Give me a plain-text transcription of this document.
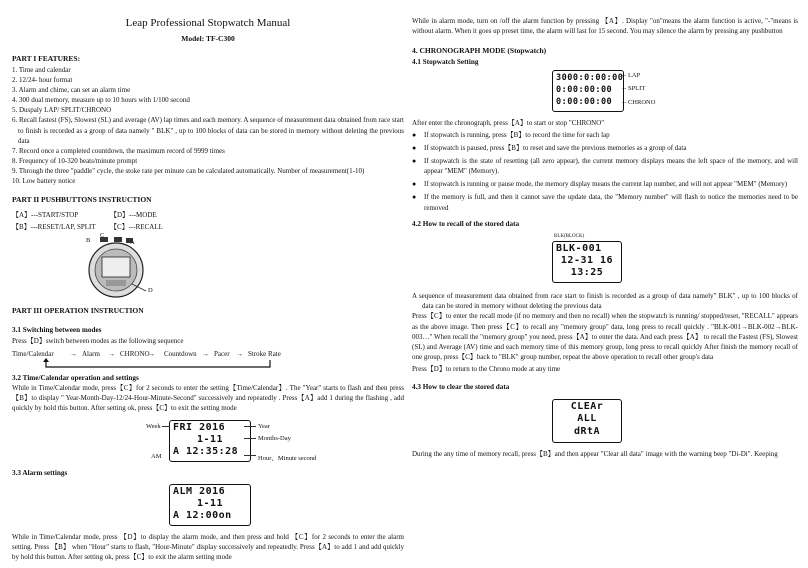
Leap Professional Stopwatch Manual
Model: TF-C300
PART I FEATURES:

1. Time and calendar

2. 12/24- hour format

3. Alarm and chime, can set an alarm time

4. 300 dual memory, measure up to 10 hours with 1/100 second

5. Duspaly LAP/ SPLIT/CHRONO

6. Recall fastest (FS), Slowest (SL) and average (AV) lap times and each memory. A sequence of measurement data obtained from race start to finish is recorded as a group of data namely " BLK" , up to 100 blocks of data can be stored in memory without deleting the previous data

7. Record once a completed countdown, the maximum record of 9999 times

8. Frequency of 10-320 beats/minute prompt

9. Through the three "paddle" cycle, the stoke rate per minute can be calculated automatically. Number of measurement(1-10)

10. Low battery notice

PART II PUSHBUTTONS INSTRUCTION
【A】---START/STOP	【D】---MODE
【B】---RESET/LAP, SPLIT 【C】---RECALL
B
C
A
D
PART III OPERATION INSTRUCTION
3.1 Switching between modes

Press【D】switch between modes as the following sequence

Time/Calendar → Alarm → CHRONO
→ Countdown → Pacer → Stroke Rate
3.2 Time/Calendar operation and settings

While in Time/Calendar mode, press【C】for 2 seconds to enter the setting【Time/Calendar】. The "Year" starts to flash and then press【B】to display " Year-Month-Day-12/24-Hour-Minute-Second" successively and repeatedly . Press【A】add 1 during the flashing , add quickly by hold this button. After setting ok, press【C】to exit the setting mode

FRI 2016
1-11
A 12:35:28
Week
AM
Year
Months-Day
Hour、Minute second
3.3 Alarm settings
ALM 2016
1-11
A 12:00on

While in Time/Calendar mode, press 【D】to display the alarm mode, and then press and hold 【C】for 2 seconds to enter the alarm setting. Press 【B】 when "Hour" starts to flash, "Hour-Minute" display successively and repeatedly. Press【A】to add 1 and add quickly by hold this button. After setting ok, press【C】to exit the alarm setting mode

While in alarm mode, turn on /off the alarm function by pressing 【A】. Display "on"means the alarm function is active, "-"means is without alarm. When it goes up preset time, the alarm will last for 15 second. You may silence the alarm by pressing any pushbutton

4. CHRONOGRAPH MODE (Stopwatch)
4.1 Stopwatch Setting
3000:0:00:00
0:00:00:00
0:00:00:00
-- LAP
-- SPLIT
-- CHRONO

After enter the chronograph, press【A】to start or stop "CHRONO"

● If stopwatch is running, press【B】to record the time for each lap
● If stopwatch is paused, press【B】to reset and save the previous memories as a group of data
● If stopwatch is the state of resetting (all zero appear), the current memory displays means the left space of the memory, and will appear "MEM" (Memory).
● If stopwatch is running or pause mode, the memory display means the current lap number, and will not appear "MEM" (Memory)
● If the memory is full, and then it cannot save the update data, the "Memory number" will flash to notice the memories need to be removed
4.2 How to recall of the stored data
BLK(BLOCK)
BLK-001
12-31 16
13:25

A sequence of measurement data obtained from race start to finish is recorded as a group of data namely" BLK" , up to 100 blocks of data can be stored in memory without deleting the previous data

Press【C】to enter the recall mode (if no memory and then no recall) when the stopwatch is running/ stopped/reset, "RECALL" appears as the above image. Then press【C】to recall any "memory group" data, long press to recall quickly . "BLK-001→BLK-002→BLK-003…" When recall the "memory group" you need, press【A】to enter the data. And each press【A】 to recall the Fastest (FS), Slowest (SL) and Average (AV) time and each memory time of this memory group, long press to recall quickly After finish the memory recall of one group, press【C】back to "BLK" group number, repeat the above operation to recall other group's data

Press【D】to return to the Chrono mode at any time

4.3 How to clear the stored data
CLEAr
ALL
dRtA

During the any time of memory recall, press【B】and then appear "Clear all data" image with the warning beep "Di-Di". Keeping
